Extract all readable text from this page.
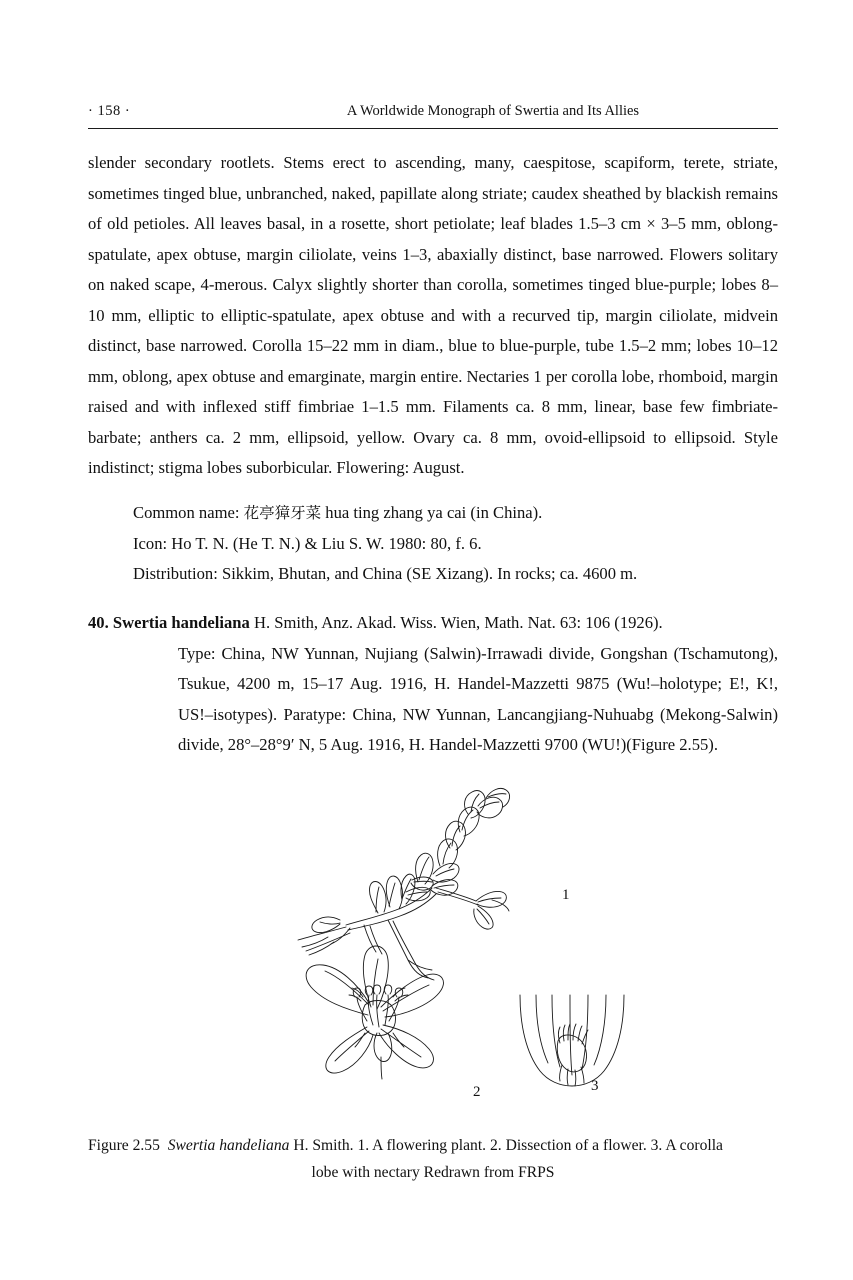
· 158 ·	A Worldwide Monograph of Swertia and Its Allies
slender secondary rootlets. Stems erect to ascending, many, caespitose, scapiform, terete, striate, sometimes tinged blue, unbranched, naked, papillate along striate; caudex sheathed by blackish remains of old petioles. All leaves basal, in a rosette, short petiolate; leaf blades 1.5–3 cm × 3–5 mm, oblong-spatulate, apex obtuse, margin ciliolate, veins 1–3, abaxially distinct, base narrowed. Flowers solitary on naked scape, 4-merous. Calyx slightly shorter than corolla, sometimes tinged blue-purple; lobes 8–10 mm, elliptic to elliptic-spatulate, apex obtuse and with a recurved tip, margin ciliolate, midvein distinct, base narrowed. Corolla 15–22 mm in diam., blue to blue-purple, tube 1.5–2 mm; lobes 10–12 mm, oblong, apex obtuse and emarginate, margin entire. Nectaries 1 per corolla lobe, rhomboid, margin raised and with inflexed stiff fimbriae 1–1.5 mm. Filaments ca. 8 mm, linear, base few fimbriate-barbate; anthers ca. 2 mm, ellipsoid, yellow. Ovary ca. 8 mm, ovoid-ellipsoid to ellipsoid. Style indistinct; stigma lobes suborbicular. Flowering: August.
Common name: 花亭獐牙菜 hua ting zhang ya cai (in China).
Icon: Ho T. N. (He T. N.) & Liu S. W. 1980: 80, f. 6.
Distribution: Sikkim, Bhutan, and China (SE Xizang). In rocks; ca. 4600 m.
40. Swertia handeliana H. Smith, Anz. Akad. Wiss. Wien, Math. Nat. 63: 106 (1926).
Type: China, NW Yunnan, Nujiang (Salwin)-Irrawadi divide, Gongshan (Tschamutong), Tsukue, 4200 m, 15–17 Aug. 1916, H. Handel-Mazzetti 9875 (Wu!–holotype; E!, K!, US!–isotypes). Paratype: China, NW Yunnan, Lancangjiang-Nuhuabg (Mekong-Salwin) divide, 28°–28°9′ N, 5 Aug. 1916, H. Handel-Mazzetti 9700 (WU!)(Figure 2.55).
1
2	3
Figure 2.55 Swertia handeliana H. Smith. 1. A flowering plant. 2. Dissection of a flower. 3. A corolla
lobe with nectary Redrawn from FRPS
